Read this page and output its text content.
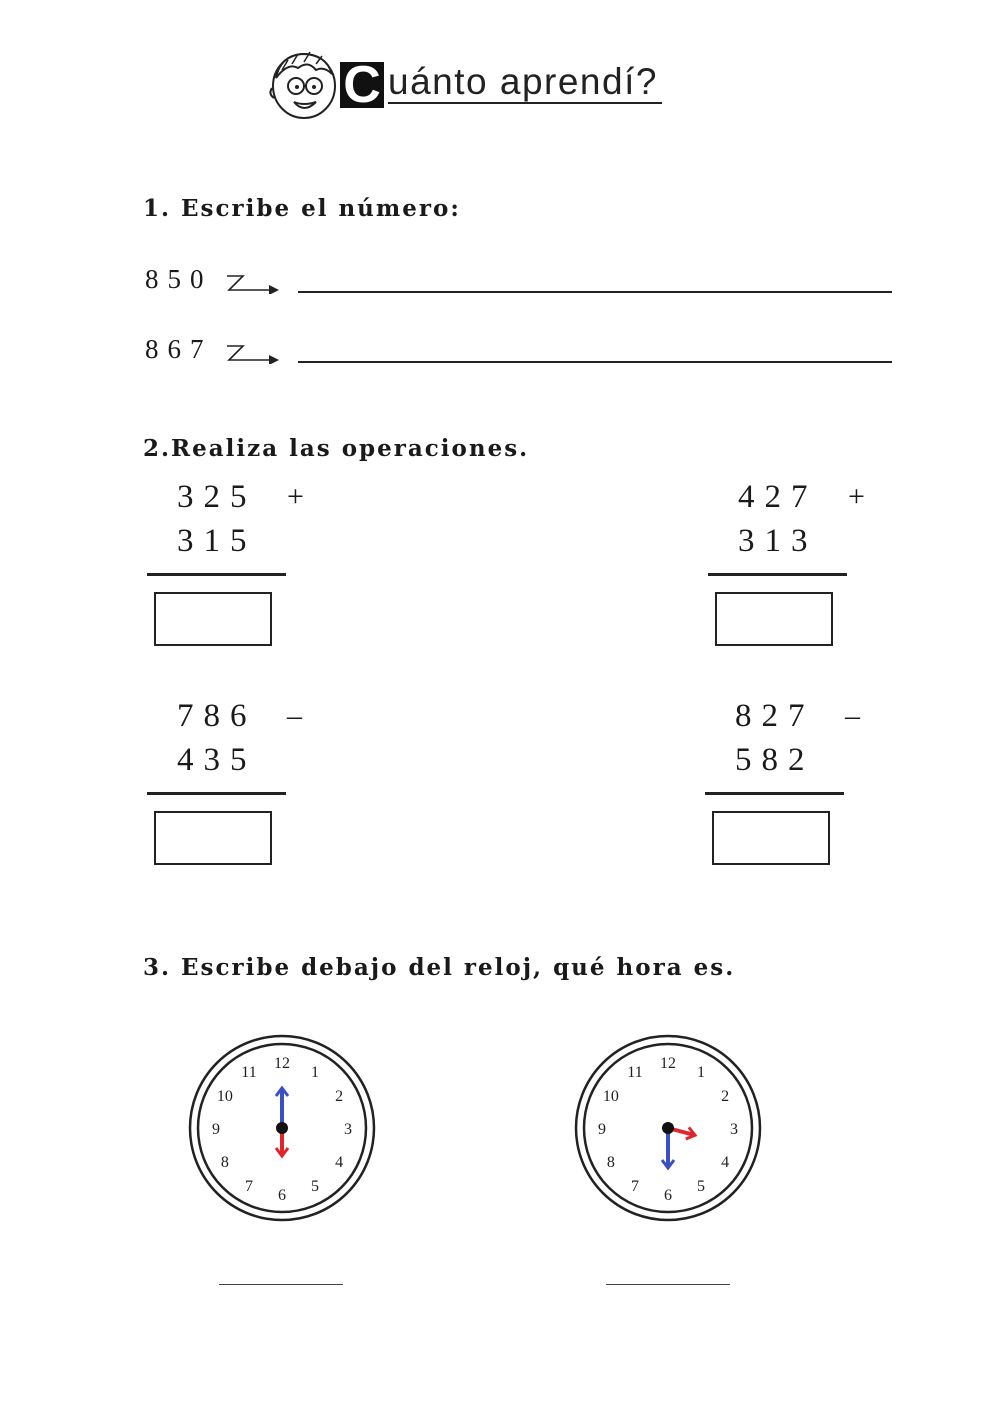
C uánto aprendí?
1. Escribe el número:
850
867
2.Realiza las operaciones.
325 +
315
427 +
313
786 –
435
827 –
582
3. Escribe debajo del reloj, qué hora es.
12
1
2
3
4
5
6
7
8
9
10
11
12
1
2
3
4
5
6
7
8
9
10
11
